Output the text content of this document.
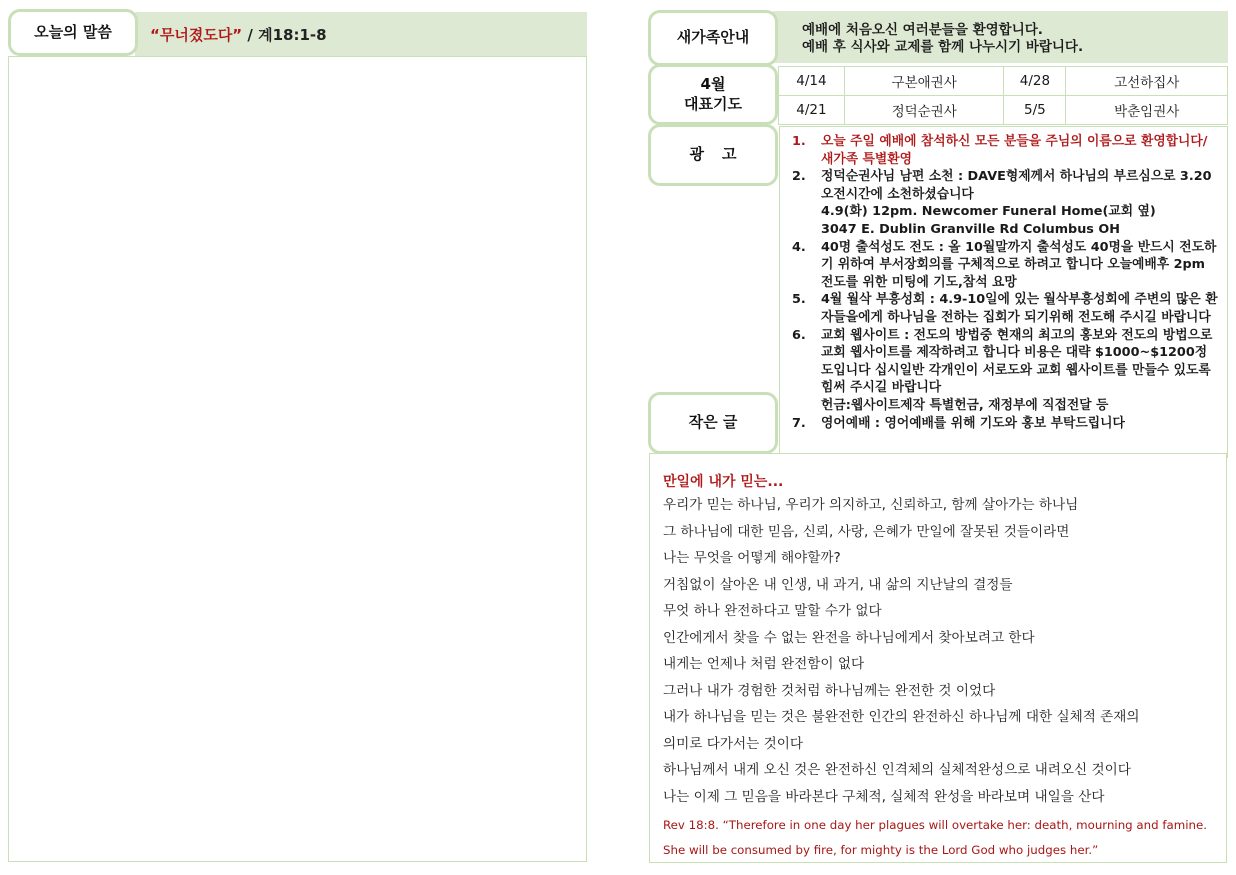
오늘의 말씀	“무너졌도다” / 계18:1-8	새가족안내	예배에 처음오신 여러분들을 환영합니다.
예배 후 식사와 교제를 함께 나누시기 바랍니다.
4월
대표기도
4/14	구본애권사	4/28	고선하집사
4/21	정덕순권사	5/5	박춘임권사
광고
1.	오늘 주일 예배에 참석하신 모든 분들을 주님의 이름으로 환영합니다/새가족 특별환영
2.	정덕순권사님 남편 소천 : DAVE형제께서 하나님의 부르심으로 3.20 오전시간에 소천하셨습니다
4.9(화) 12pm. Newcomer Funeral Home(교회 옆)
3047 E. Dublin Granville Rd Columbus OH
4.	40명 출석성도 전도 : 올 10월말까지 출석성도 40명을 반드시 전도하기 위하여 부서장회의를 구체적으로 하려고 합니다 오늘예배후 2pm 전도를 위한 미팅에 기도,참석 요망
5.	4월 월삭 부흥성회 : 4.9-10일에 있는 월삭부흥성회에 주변의 많은 환자들을에게 하나님을 전하는 집회가 되기위해 전도해 주시길 바랍니다
6.	교회 웹사이트 : 전도의 방법중 현재의 최고의 홍보와 전도의 방법으로 교회 웹사이트를 제작하려고 합니다 비용은 대략 $1000~$1200정도입니다 십시일반 각개인이 서로도와 교회 웹사이트를 만들수 있도록 힘써 주시길 바랍니다
헌금:웹사이트제작 특별헌금, 재정부에 직접전달 등
7.	영어예배 : 영어예배를 위해 기도와 홍보 부탁드립니다
작은 글
만일에 내가 믿는...
우리가 믿는 하나님, 우리가 의지하고, 신뢰하고, 함께 살아가는 하나님
그 하나님에 대한 믿음, 신뢰, 사랑, 은혜가 만일에 잘못된 것들이라면
나는 무엇을 어떻게 해야할까?
거침없이 살아온 내 인생, 내 과거, 내 삶의 지난날의 결정들
무엇 하나 완전하다고 말할 수가 없다
인간에게서 찾을 수 없는 완전을 하나님에게서 찾아보려고 한다
내게는 언제나 처럼 완전함이 없다
그러나 내가 경험한 것처럼 하나님께는 완전한 것 이었다
내가 하나님을 믿는 것은 불완전한 인간의 완전하신 하나님께 대한 실체적 존재의
의미로 다가서는 것이다
하나님께서 내게 오신 것은 완전하신 인격체의 실체적완성으로 내려오신 것이다
나는 이제 그 믿음을 바라본다 구체적, 실체적 완성을 바라보며 내일을 산다
Rev 18:8. “Therefore in one day her plagues will overtake her: death, mourning and famine. She will be consumed by fire, for mighty is the Lord God who judges her.”
